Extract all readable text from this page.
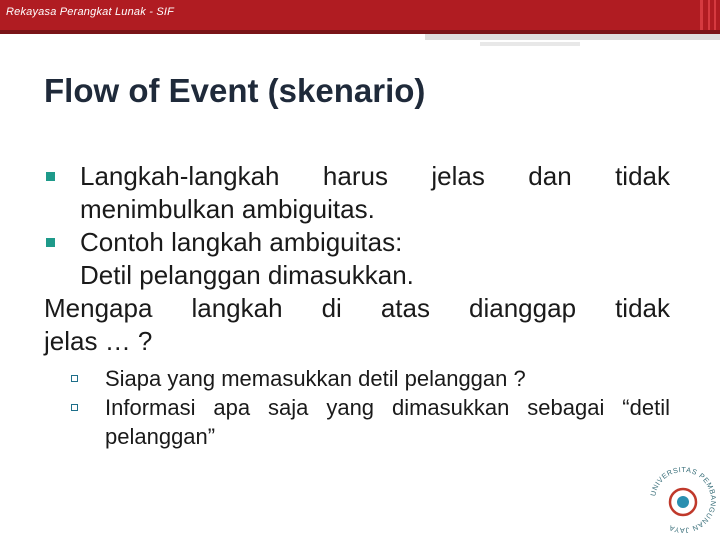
Rekayasa Perangkat Lunak - SIF
Flow of Event (skenario)
Langkah-langkah harus jelas dan tidak menimbulkan ambiguitas.
Contoh langkah ambiguitas:
Detil pelanggan dimasukkan.
Mengapa langkah di atas dianggap tidak
jelas … ?
Siapa yang memasukkan detil pelanggan ?
Informasi apa saja yang dimasukkan sebagai “detil pelanggan”
UNIVERSITAS PEMBANGUNAN JAYA
